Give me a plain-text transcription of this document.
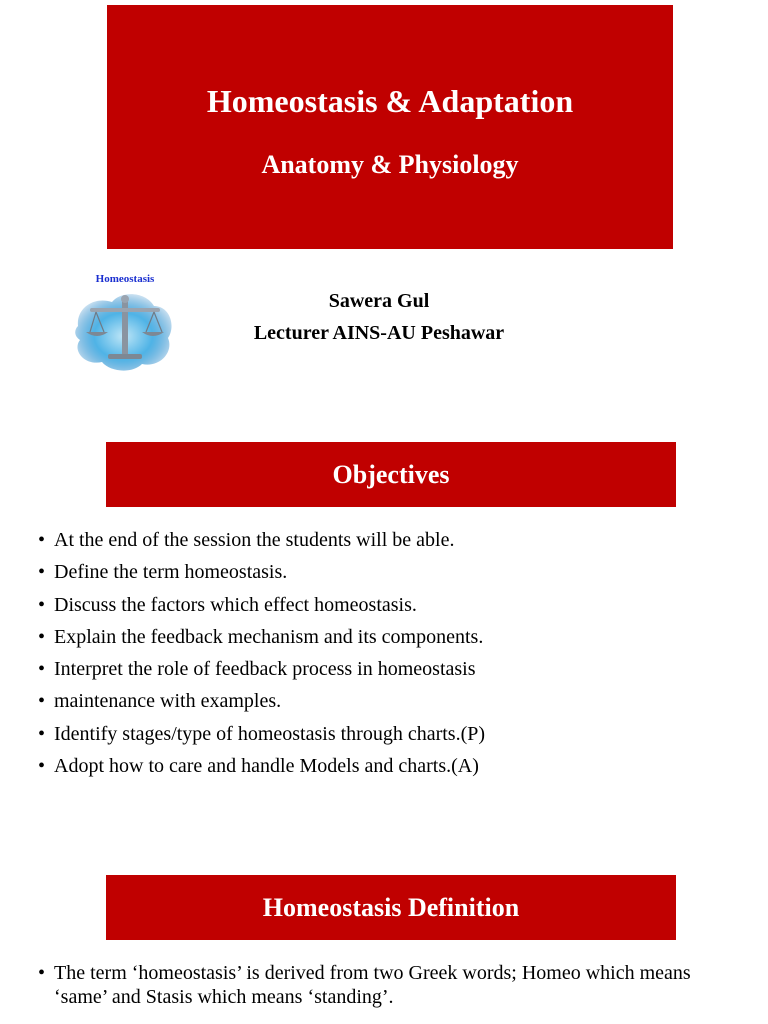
Homeostasis & Adaptation
Anatomy & Physiology
Homeostasis
Sawera Gul
Lecturer AINS-AU Peshawar
Objectives
• At the end of the session the students will be able.
• Define the term homeostasis.
• Discuss the factors which effect homeostasis.
• Explain the feedback mechanism and its components.
• Interpret the role of feedback process in homeostasis
• maintenance with examples.
• Identify stages/type of homeostasis through charts.(P)
• Adopt how to care and handle Models and charts.(A)
Homeostasis Definition
• The term ‘homeostasis’ is derived from two Greek words; Homeo which means ‘same’ and Stasis which means ‘standing’.
